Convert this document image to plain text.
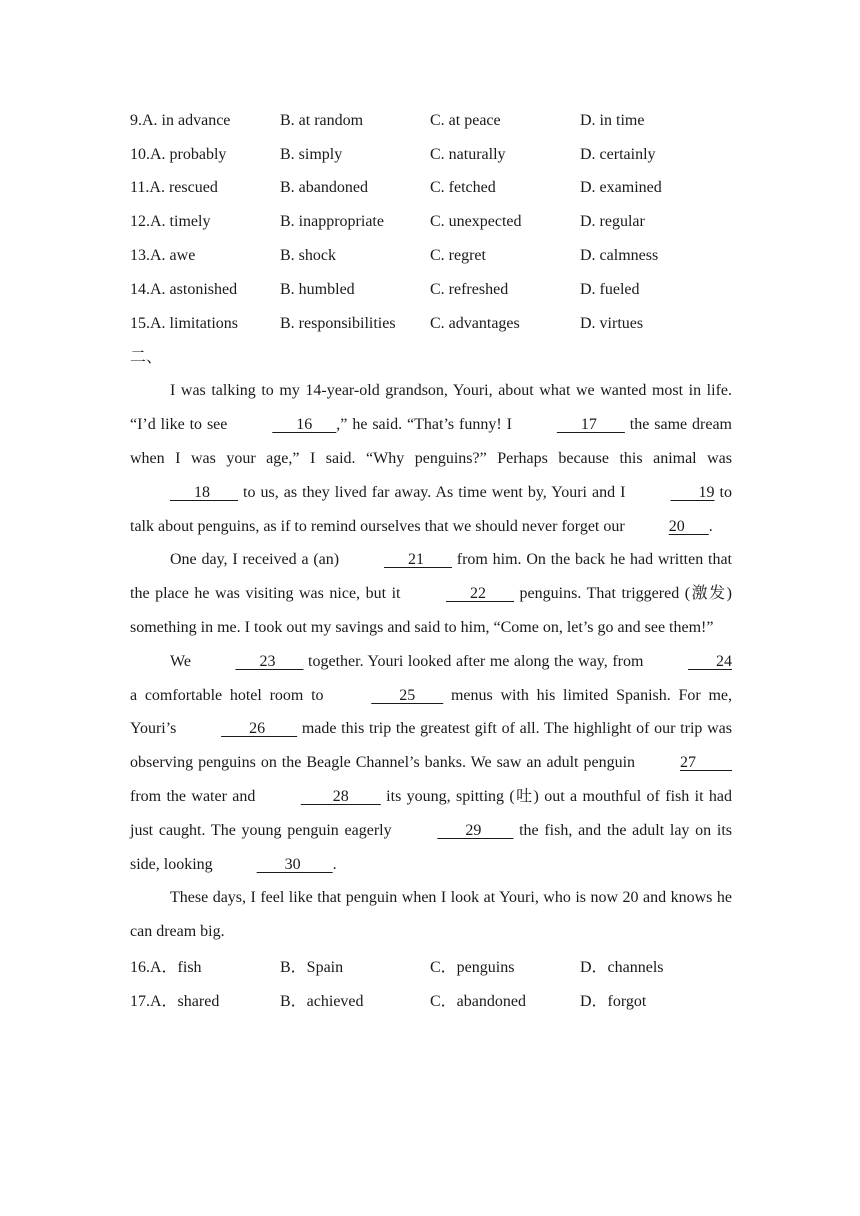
9.A. in advance	B. at random	C. at peace	D. in time
10.A. probably	B. simply	C. naturally	D. certainly
11.A. rescued	B. abandoned	C. fetched	D. examined
12.A. timely	B. inappropriate	C. unexpected	D. regular
13.A. awe	B. shock	C. regret	D. calmness
14.A. astonished	B. humbled	C. refreshed	D. fueled
15.A. limitations	B. responsibilities	C. advantages	D. virtues
二、

I was talking to my 14-year-old grandson, Youri, about what we wanted most in life. “I’d like to see	16      ,” he said. “That’s funny! I	17        the same dream when I was your age,” I said. “Why penguins?” Perhaps because this animal was       18        to us, as they lived far away. As time went by, Youri and I	19 to talk about penguins, as if to remind ourselves that we should never forget our	20      .

One day, I received a (an)	21        from him. On the back he had written that the place he was visiting was nice, but it	22        penguins. That triggered (激发) something in me. I took out my savings and said to him, “Come on, let’s go and see them!”

We	23        together. Youri looked after me along the way, from	24 a comfortable hotel room to	25        menus with his limited Spanish. For me, Youri’s	26         made this trip the greatest gift of all. The highlight of our trip was observing penguins on the Beagle Channel’s banks. We saw an adult penguin	27          from the water and	28         its young, spitting (吐) out a mouthful of fish it had just caught. The young penguin eagerly	29         the fish, and the adult lay on its side, looking	30        .

These days, I feel like that penguin when I look at Youri, who is now 20 and knows he can dream big.

16.A．fish	B．Spain	C．penguins	D．channels
17.A．shared	B．achieved	C．abandoned	D．forgot
